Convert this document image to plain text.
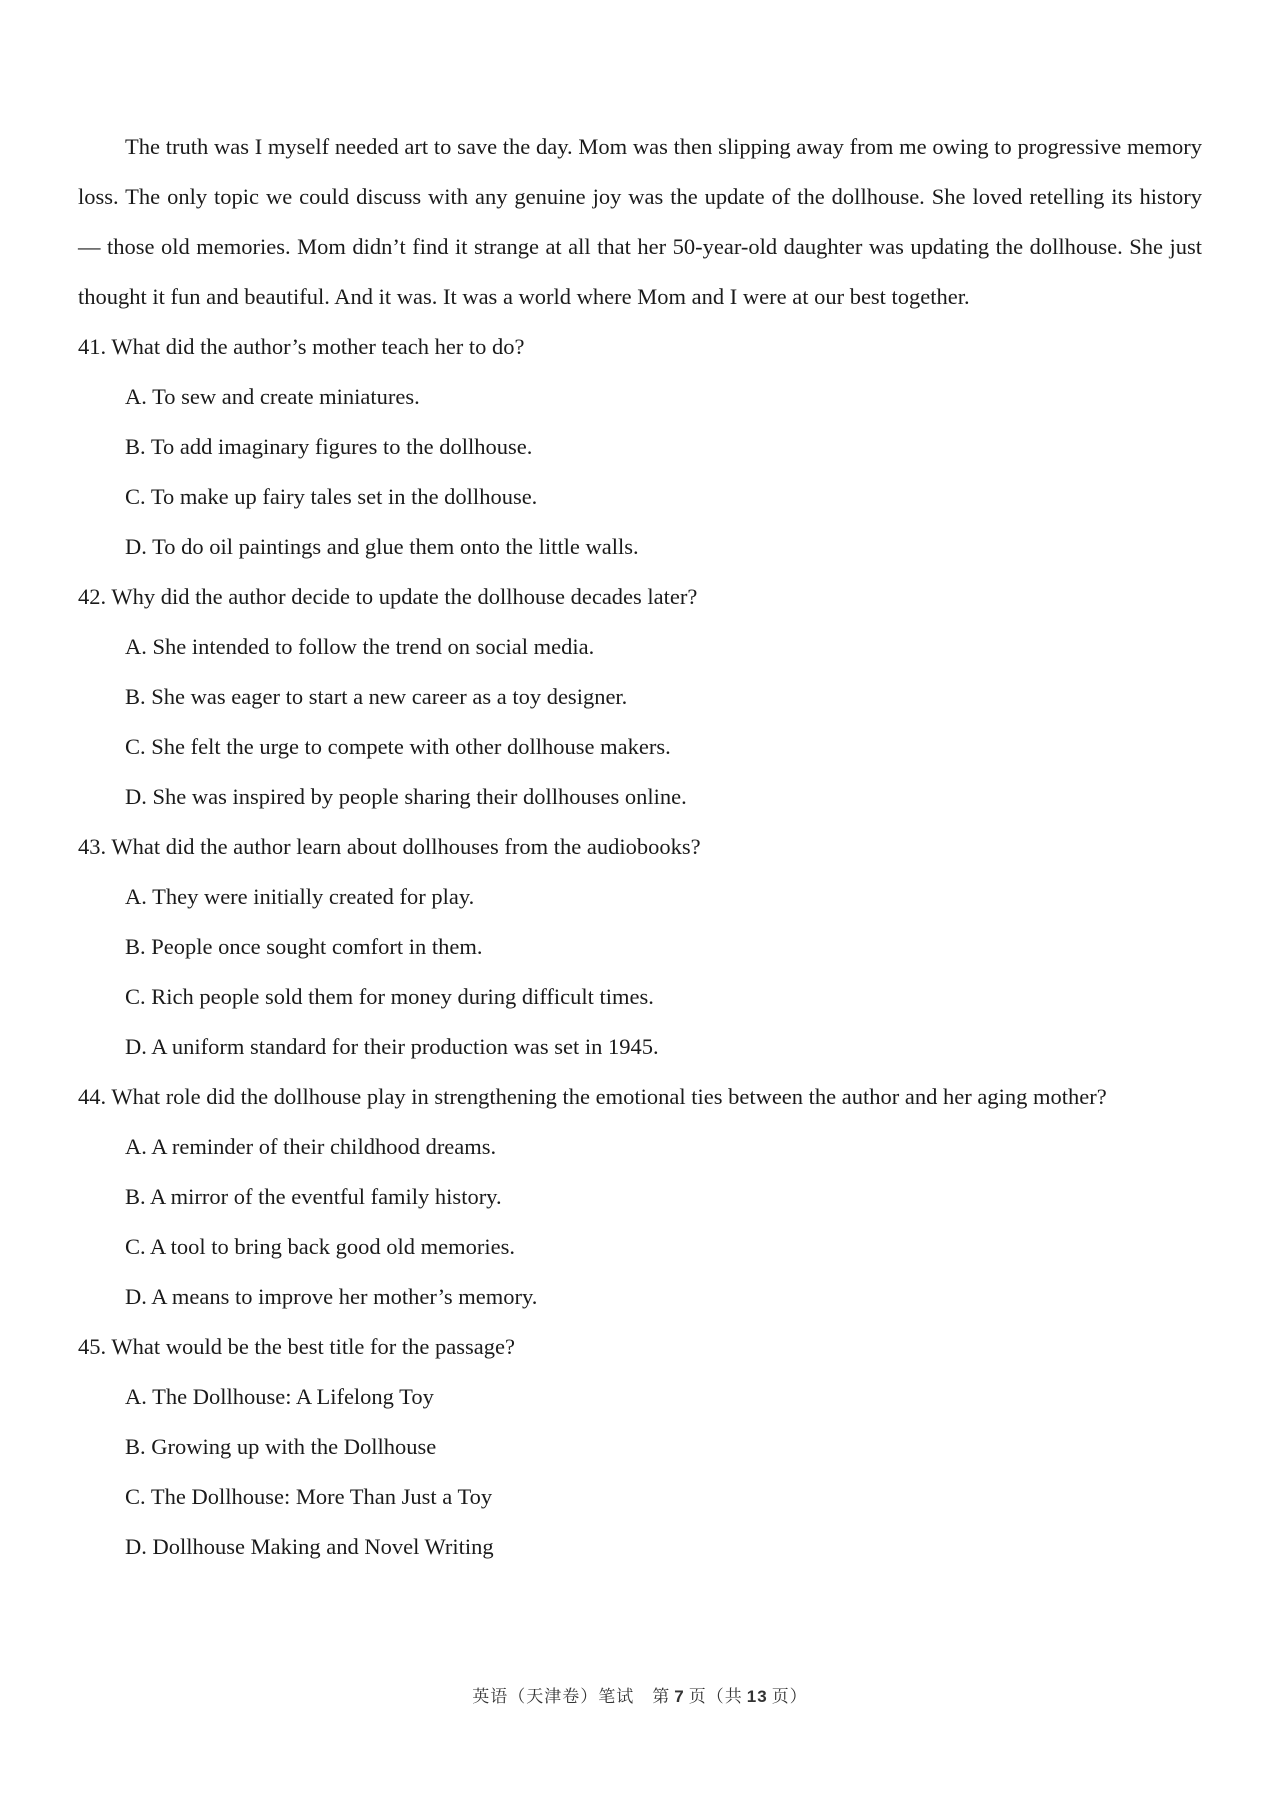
The truth was I myself needed art to save the day. Mom was then slipping away from me owing to progressive memory loss. The only topic we could discuss with any genuine joy was the update of the dollhouse. She loved retelling its history — those old memories. Mom didn’t find it strange at all that her 50-year-old daughter was updating the dollhouse. She just thought it fun and beautiful. And it was. It was a world where Mom and I were at our best together.

41. What did the author’s mother teach her to do?

A. To sew and create miniatures.

B. To add imaginary figures to the dollhouse.

C. To make up fairy tales set in the dollhouse.

D. To do oil paintings and glue them onto the little walls.

42. Why did the author decide to update the dollhouse decades later?

A. She intended to follow the trend on social media.

B. She was eager to start a new career as a toy designer.

C. She felt the urge to compete with other dollhouse makers.

D. She was inspired by people sharing their dollhouses online.

43. What did the author learn about dollhouses from the audiobooks?

A. They were initially created for play.

B. People once sought comfort in them.

C. Rich people sold them for money during difficult times.

D. A uniform standard for their production was set in 1945.

44. What role did the dollhouse play in strengthening the emotional ties between the author and her aging mother?

A. A reminder of their childhood dreams.

B. A mirror of the eventful family history.

C. A tool to bring back good old memories.

D. A means to improve her mother’s memory.

45. What would be the best title for the passage?

A. The Dollhouse: A Lifelong Toy

B. Growing up with the Dollhouse

C. The Dollhouse: More Than Just a Toy

D. Dollhouse Making and Novel Writing

英语（天津卷）笔试　第 7 页（共 13 页）
